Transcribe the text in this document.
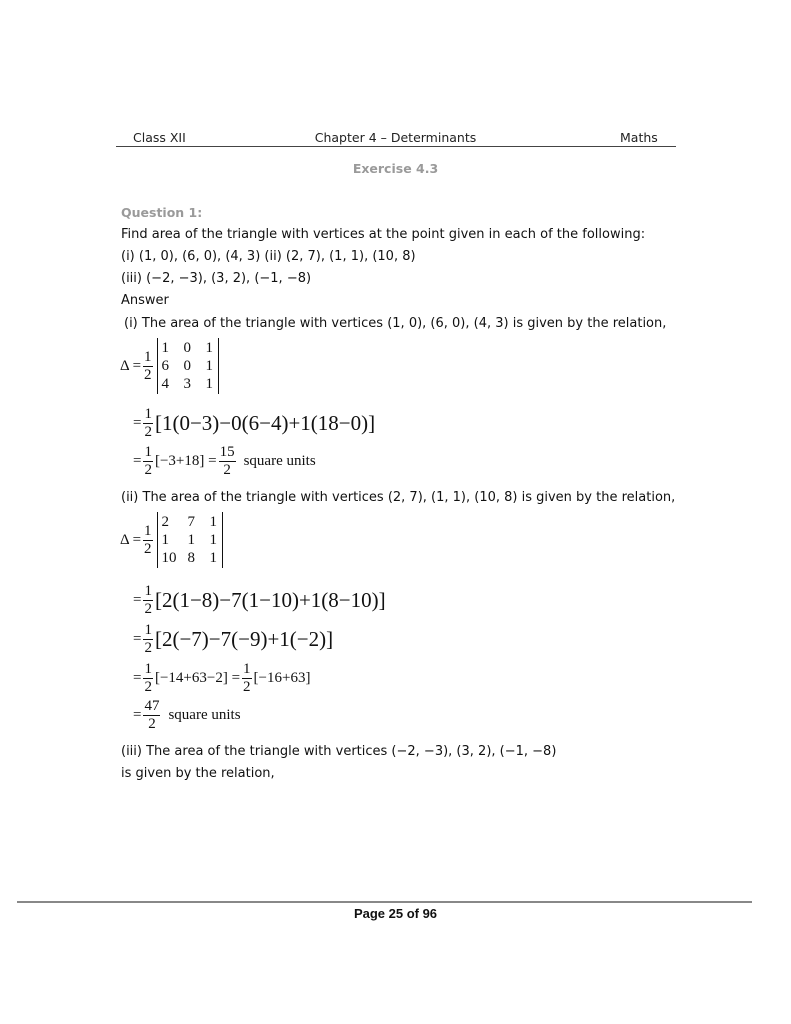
Class XII	Chapter 4 – Determinants	Maths
Exercise 4.3
Question 1:
Find area of the triangle with vertices at the point given in each of the following:
(i) (1, 0), (6, 0), (4, 3) (ii) (2, 7), (1, 1), (10, 8)
(iii) (−2, −3), (3, 2), (−1, −8)
Answer
(i) The area of the triangle with vertices (1, 0), (6, 0), (4, 3) is given by the relation,
$\Delta = \frac{1}{2}$
1 0 1
6 0 1
4 3 1
= $\frac{1}{2} [1(0-3)-0(6-4)+1(18-0)]$
= $\frac{1}{2} [-3+18] = \frac{15}{2}$ square units
(ii) The area of the triangle with vertices (2, 7), (1, 1), (10, 8) is given by the relation,
$\Delta = \frac{1}{2}$
2	7 1
1	1 1
10 8 1
= $\frac{1}{2} [2(1-8)-7(1-10)+1(8-10)]$
= $\frac{1}{2} [2(-7)-7(-9)+1(-2)]$
= $\frac{1}{2} [-14+63-2] = \frac{1}{2} [-16+63]$
= $\frac{47}{2}$ square units
(iii) The area of the triangle with vertices (−2, −3), (3, 2), (−1, −8)
is given by the relation,
Page 25 of 96
